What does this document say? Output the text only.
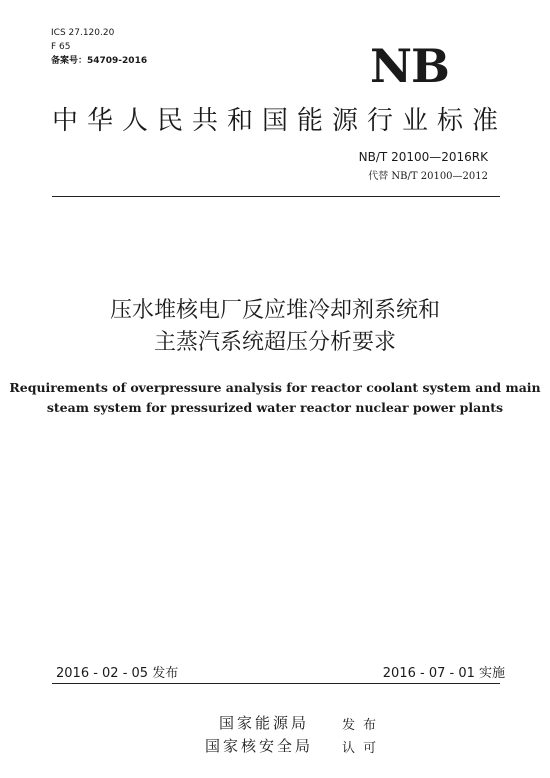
ICS 27.120.20
F 65
备案号：54709-2016	NB
中华人民共和国能源行业标准
NB/T 20100—2016RK
代替 NB/T 20100—2012
压水堆核电厂反应堆冷却剂系统和
主蒸汽系统超压分析要求
Requirements of overpressure analysis for reactor coolant system and main
steam system for pressurized water reactor nuclear power plants
2016 - 02 - 05 发布	2016 - 07 - 01 实施
国家能源局	发布
国家核安全局 认可
